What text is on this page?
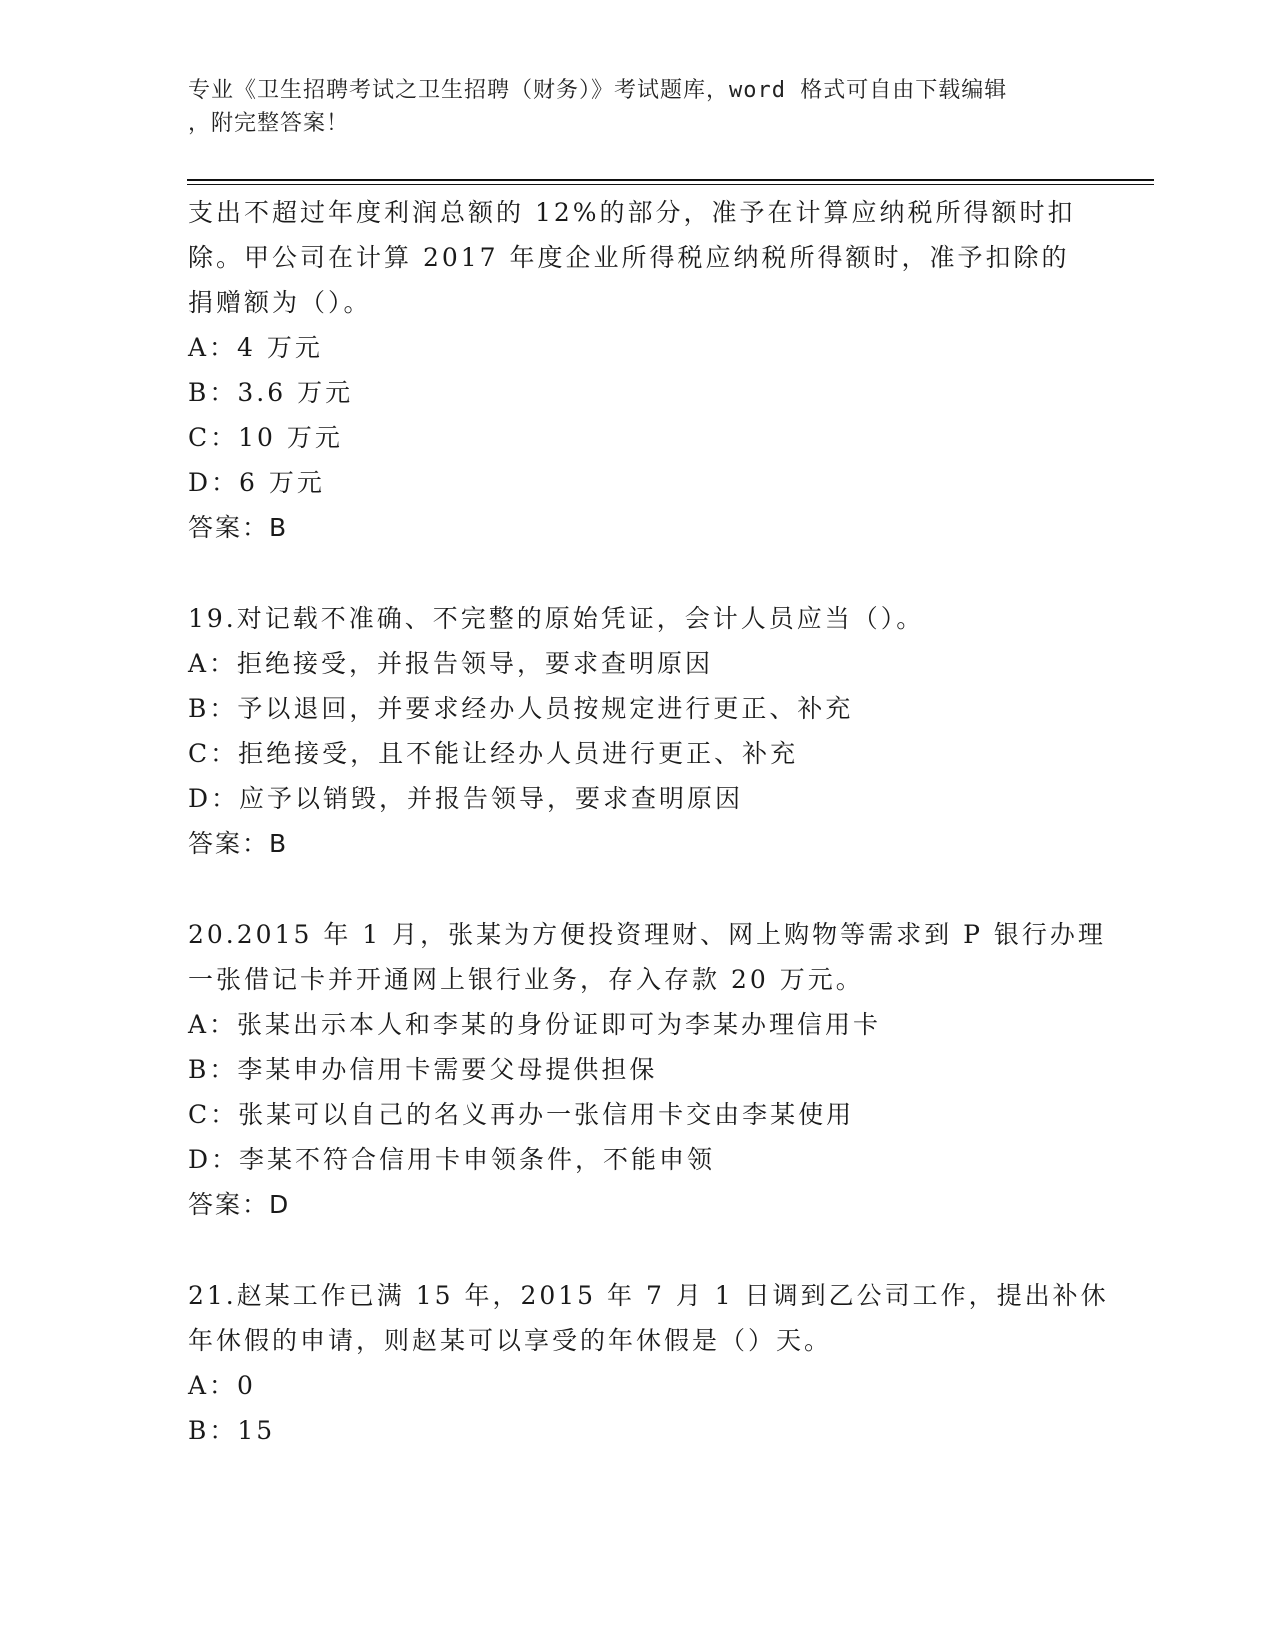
专业《卫生招聘考试之卫生招聘（财务）》考试题库，word 格式可自由下载编辑

，附完整答案！
支出不超过年度利润总额的 12%的部分，准予在计算应纳税所得额时扣
除。甲公司在计算 2017 年度企业所得税应纳税所得额时，准予扣除的
捐赠额为（）。
A：4 万元
B：3.6 万元
C：10 万元
D：6 万元
答案：B
19.对记载不准确、不完整的原始凭证，会计人员应当（）。
A：拒绝接受，并报告领导，要求查明原因
B：予以退回，并要求经办人员按规定进行更正、补充
C：拒绝接受，且不能让经办人员进行更正、补充
D：应予以销毁，并报告领导，要求查明原因
答案：B
20.2015 年 1 月，张某为方便投资理财、网上购物等需求到 P 银行办理
一张借记卡并开通网上银行业务，存入存款 20 万元。
A：张某出示本人和李某的身份证即可为李某办理信用卡
B：李某申办信用卡需要父母提供担保
C：张某可以自己的名义再办一张信用卡交由李某使用
D：李某不符合信用卡申领条件，不能申领
答案：D
21.赵某工作已满 15 年，2015 年 7 月 1 日调到乙公司工作，提出补休
年休假的申请，则赵某可以享受的年休假是（）天。
A：0
B：15
